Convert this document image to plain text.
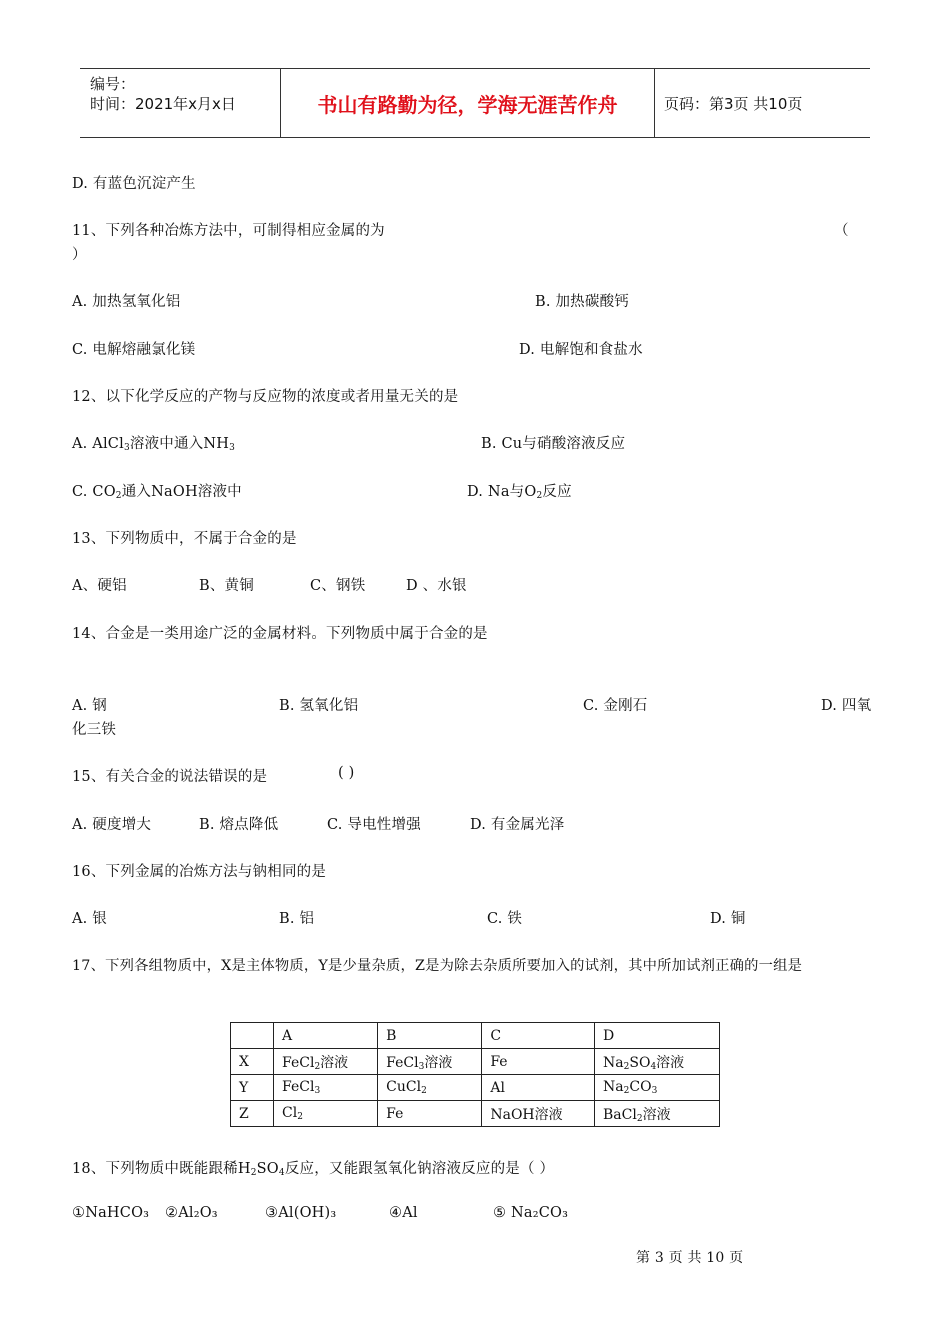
编号：
时间：2021年x月x日	书山有路勤为径，学海无涯苦作舟	页码：第3页 共10页
D. 有蓝色沉淀产生
11、下列各种冶炼方法中，可制得相应金属的为	（
）
A. 加热氢氧化铝	B. 加热碳酸钙
C. 电解熔融氯化镁	D. 电解饱和食盐水
12、以下化学反应的产物与反应物的浓度或者用量无关的是
A. AlCl$_3$溶液中通入$NH_3$	B. Cu与硝酸溶液反应
C. $CO_2$通入NaOH溶液中	D. Na与$O_2$反应
13、下列物质中，不属于合金的是
A、硬铝	B、黄铜	C、钢铁	D 、水银
14、合金是一类用途广泛的金属材料。下列物质中属于合金的是
A. 钢	B. 氢氧化铝	C. 金刚石	D. 四氧
化三铁
15、有关合金的说法错误的是	( )
A. 硬度增大	B. 熔点降低	C. 导电性增强	D. 有金属光泽
16、下列金属的冶炼方法与钠相同的是
A. 银	B. 铝	C. 铁	D. 铜
17、下列各组物质中，X是主体物质，Y是少量杂质，Z是为除去杂质所要加入的试剂，其中所加试剂正确的一组是
	A	B	C	D
X	FeCl$_2$溶液	FeCl$_3$溶液	Fe	$Na_2SO_4$溶液
Y	FeCl$_3$	CuCl$_2$	Al	$Na_2CO_3$
Z	$Cl_2$	Fe	NaOH溶液	BaCl$_2$溶液
18、下列物质中既能跟稀$H_2SO_4$反应，又能跟氢氧化钠溶液反应的是（ ）
①NaHCO₃ ②Al₂O₃	③Al(OH)₃	④Al	⑤ Na₂CO₃
第 3 页 共 10 页
